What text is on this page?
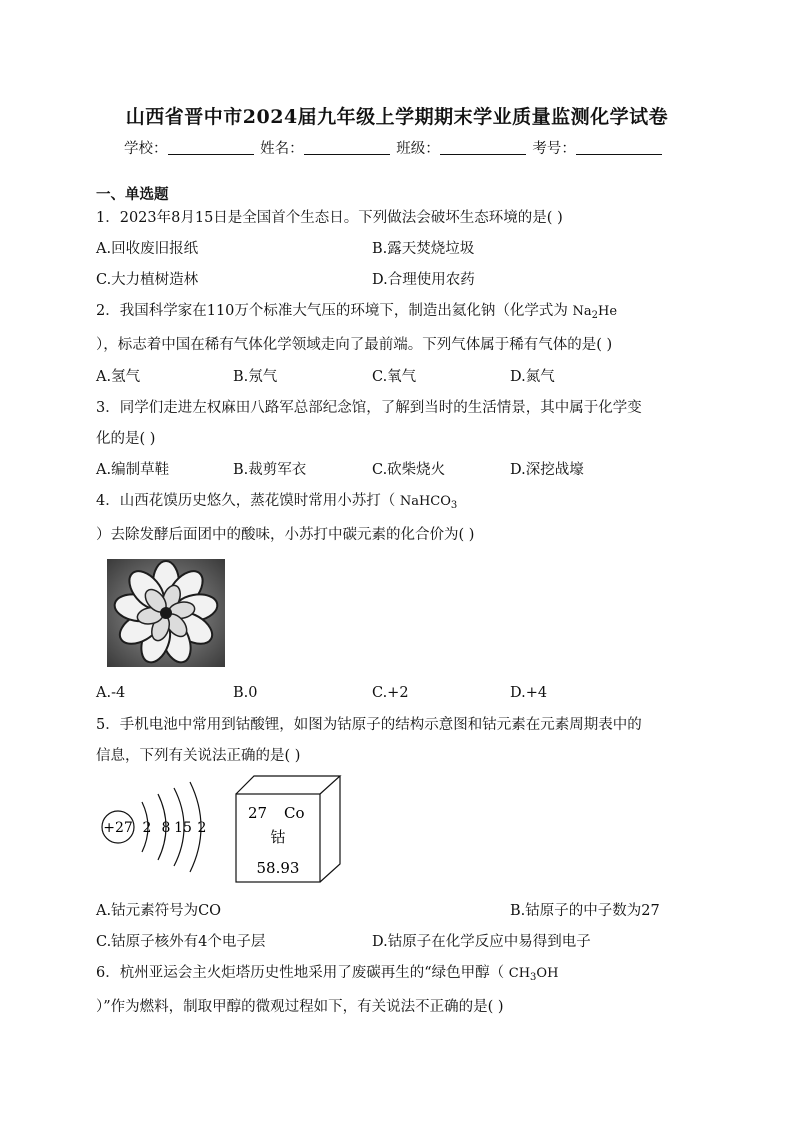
山西省晋中市2024届九年级上学期期末学业质量监测化学试卷
学校：	姓名：	班级：	考号：
一、单选题
1．2023年8月15日是全国首个生态日。下列做法会破坏生态环境的是( )
A.回收废旧报纸	B.露天焚烧垃圾
C.大力植树造林	D.合理使用农药
2．我国科学家在110万个标准大气压的环境下，制造出氦化钠（化学式为 $Na_2He$
），标志着中国在稀有气体化学领域走向了最前端。下列气体属于稀有气体的是( )
A.氢气	B.氖气	C.氧气	D.氮气
3．同学们走进左权麻田八路军总部纪念馆，了解到当时的生活情景，其中属于化学变
化的是( )
A.编制草鞋	B.裁剪军衣	C.砍柴烧火	D.深挖战壕
4．山西花馍历史悠久，蒸花馍时常用小苏打（ NaHCO$_3$
）去除发酵后面团中的酸味，小苏打中碳元素的化合价为( )
A.-4	B.0	C.+2	D.+4
5．手机电池中常用到钴酸锂，如图为钴原子的结构示意图和钴元素在元素周期表中的
信息，下列有关说法正确的是( )
+27 2 8 15 2
27 Co
钴
58.93
A.钴元素符号为CO	B.钴原子的中子数为27
C.钴原子核外有4个电子层	D.钴原子在化学反应中易得到电子
6．杭州亚运会主火炬塔历史性地采用了废碳再生的“绿色甲醇（ $CH_3OH$
）”作为燃料，制取甲醇的微观过程如下，有关说法不正确的是( )
